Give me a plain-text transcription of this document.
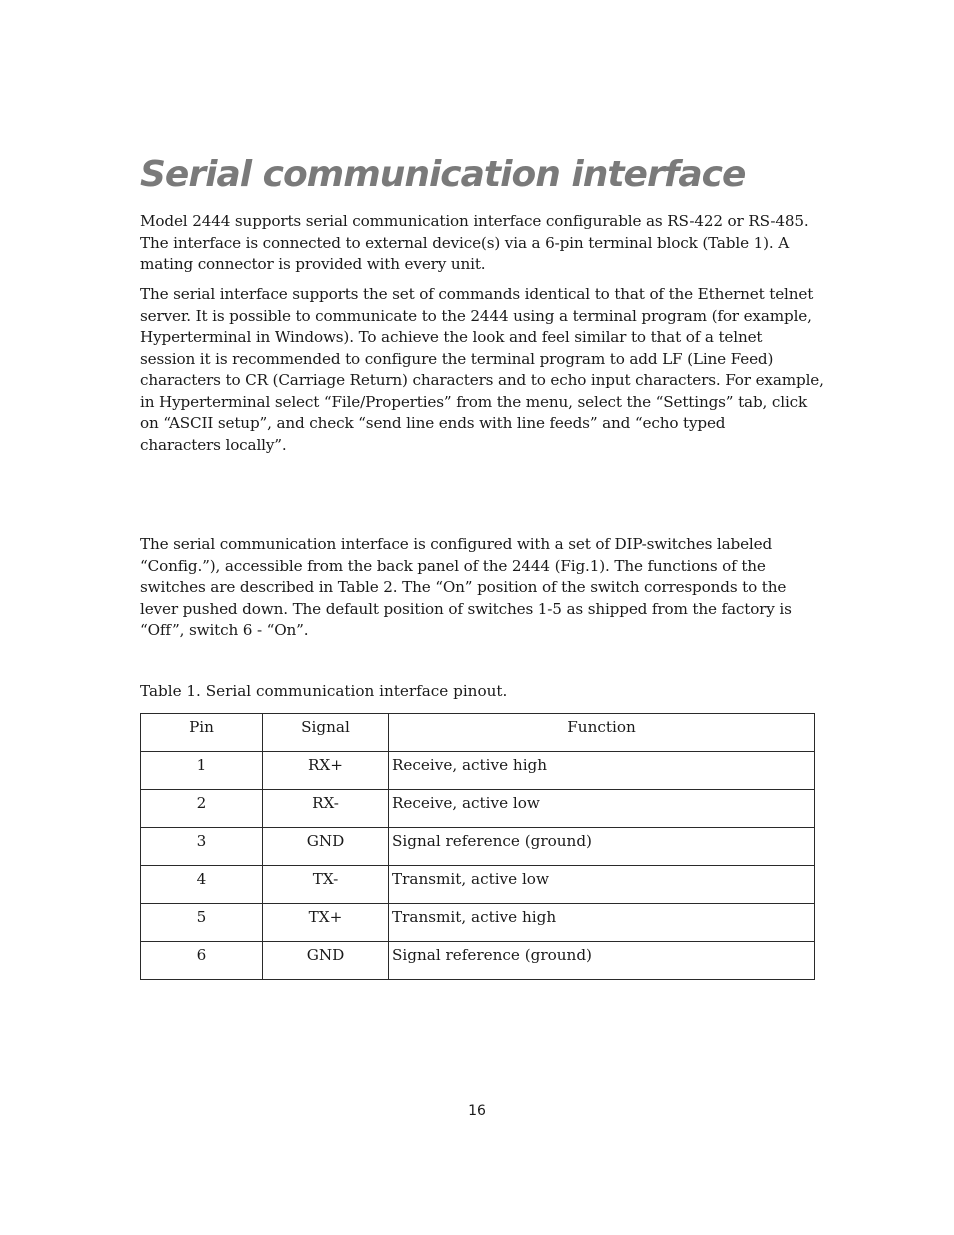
Serial communication interface

Model 2444 supports serial communication interface configurable as RS-422 or RS-485.
The interface is connected to external device(s) via a 6-pin terminal block (Table 1). A
mating connector is provided with every unit.

The serial interface supports the set of commands identical to that of the Ethernet telnet
server. It is possible to communicate to the 2444 using a terminal program (for example,
Hyperterminal in Windows). To achieve the look and feel similar to that of a telnet
session it is recommended to configure the terminal program to add LF (Line Feed)
characters to CR (Carriage Return) characters and to echo input characters. For example,
in Hyperterminal select “File/Properties” from the menu, select the “Settings” tab, click
on “ASCII setup”, and check “send line ends with line feeds” and “echo typed
characters locally”.

The serial communication interface is configured with a set of DIP-switches labeled
“Config.”), accessible from the back panel of the 2444 (Fig.1). The functions of the
switches are described in Table 2. The “On” position of the switch corresponds to the
lever pushed down. The default position of switches 1-5 as shipped from the factory is
“Off”, switch 6 - “On”.

Table 1. Serial communication interface pinout.

Pin	Signal	Function
1	RX+	Receive, active high
2	RX-	Receive, active low
3	GND	Signal reference (ground)
4	TX-	Transmit, active low
5	TX+	Transmit, active high
6	GND	Signal reference (ground)
16
